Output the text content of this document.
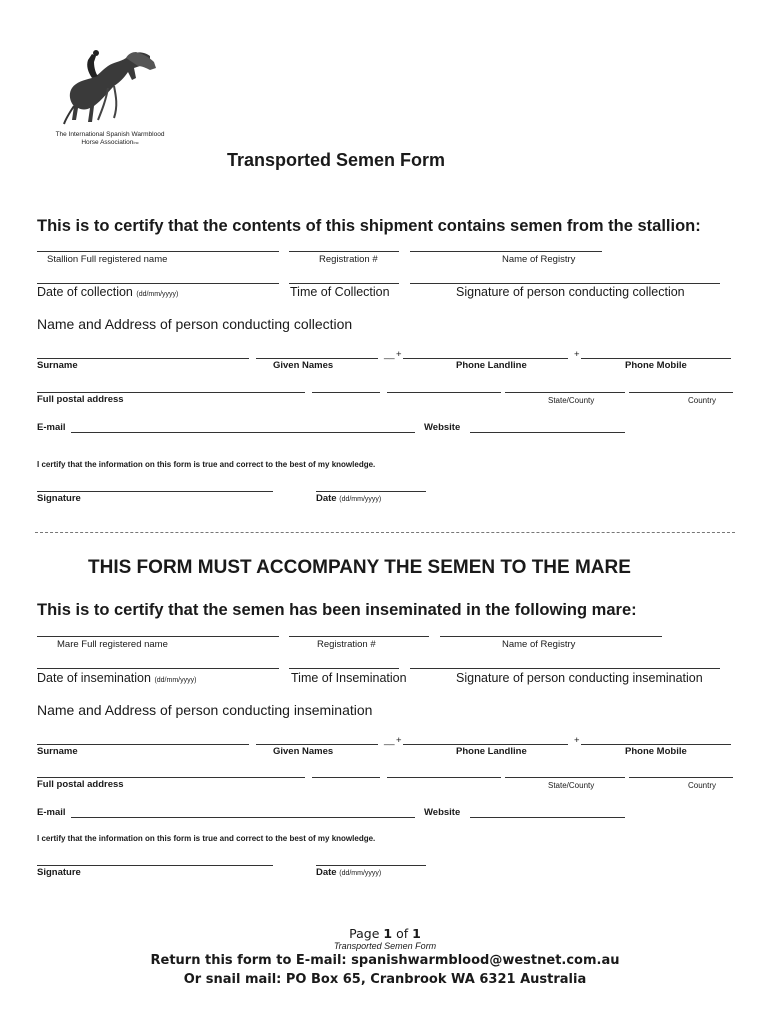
The International Spanish Warmblood
Horse AssociationInc
Transported Semen Form
This is to certify that the contents of this shipment contains semen from the stallion:
Stallion Full registered name	Registration #	Name of Registry
Date of collection (dd/mm/yyyy)	Time of Collection	Signature of person conducting collection
Name and Address of person conducting collection
__ +	+
Surname	Given Names	Phone Landline	Phone Mobile
Full postal address	State/County	Country
E-mail	Website
I certify that the information on this form is true and correct to the best of my knowledge.
Signature	Date (dd/mm/yyyy)
THIS FORM MUST ACCOMPANY THE SEMEN TO THE MARE
This is to certify that the semen has been inseminated in the following mare:
Mare Full registered name	Registration #	Name of Registry
Date of insemination (dd/mm/yyyy)	Time of Insemination	Signature of person conducting insemination
Name and Address of person conducting insemination
__ +	+
Surname	Given Names	Phone Landline	Phone Mobile
Full postal address	State/County	Country
E-mail	Website
I certify that the information on this form is true and correct to the best of my knowledge.
Signature	Date (dd/mm/yyyy)
Page 1 of 1
Transported Semen Form
Return this form to E-mail: spanishwarmblood@westnet.com.au
Or snail mail: PO Box 65, Cranbrook WA 6321 Australia
